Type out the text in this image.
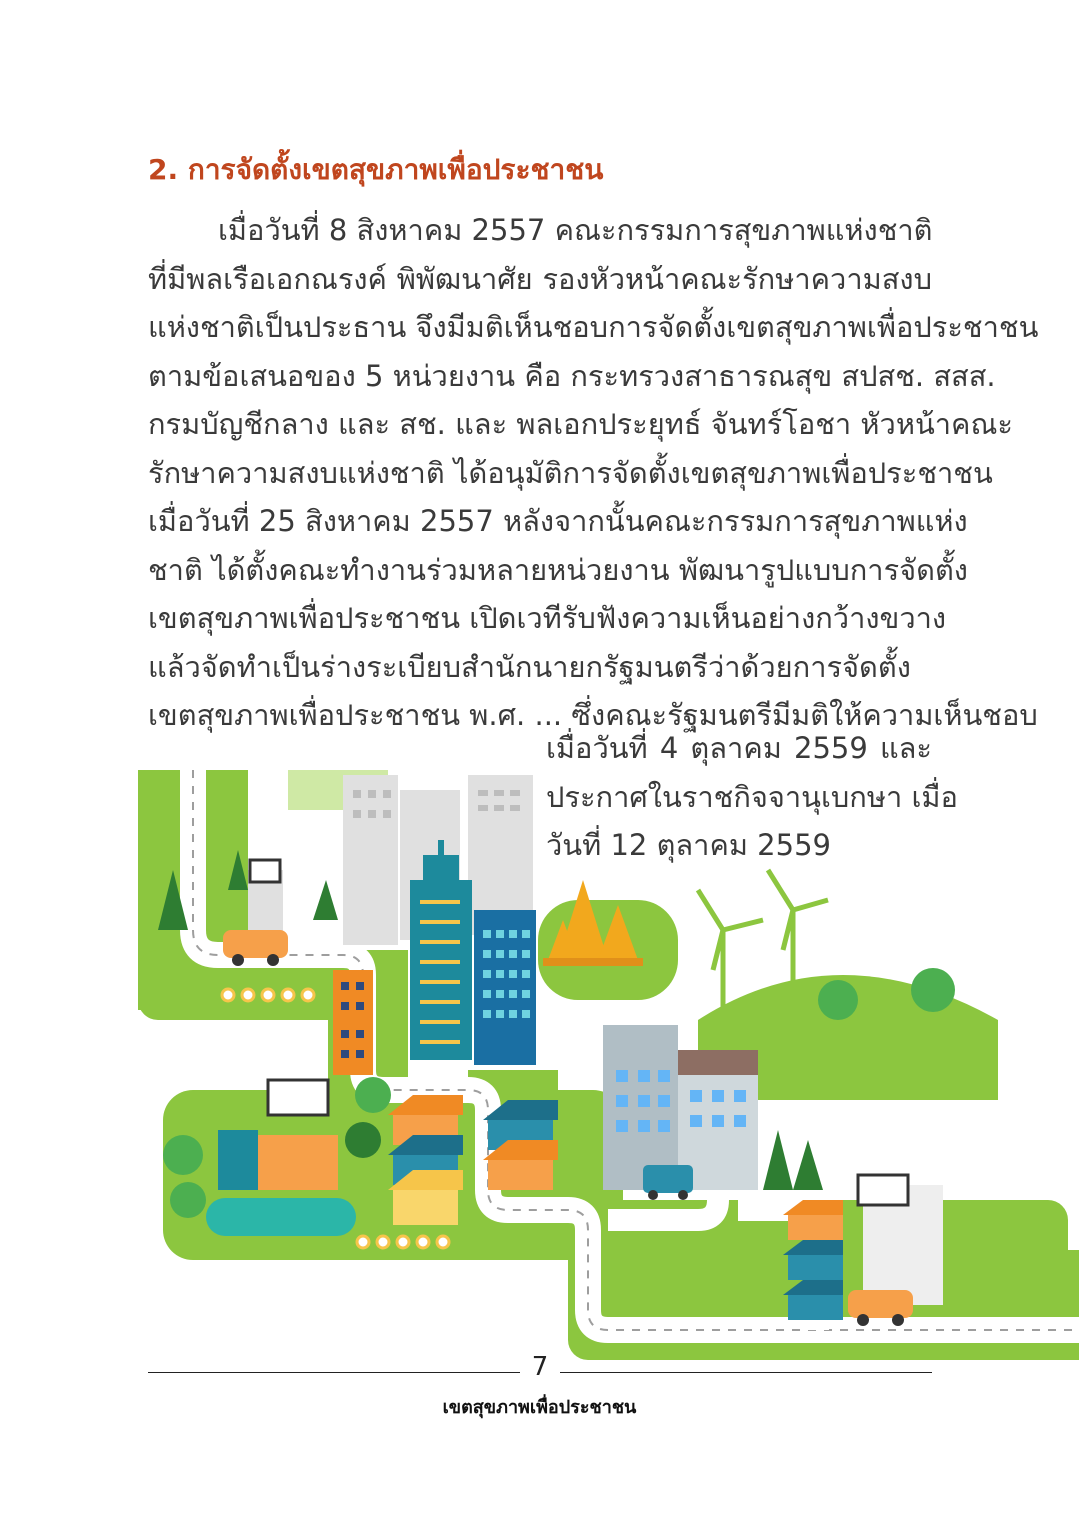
2. การจัดตั้งเขตสุขภาพเพื่อประชาชน
เมื่อวันที่ 8 สิงหาคม 2557 คณะกรรมการสุขภาพแห่งชาติ
ที่มีพลเรือเอกณรงค์ พิพัฒนาศัย รองหัวหน้าคณะรักษาความสงบ
แห่งชาติเป็นประธาน จึงมีมติเห็นชอบการจัดตั้งเขตสุขภาพเพื่อประชาชน
ตามข้อเสนอของ 5 หน่วยงาน คือ กระทรวงสาธารณสุข สปสช. สสส.
กรมบัญชีกลาง และ สช. และ พลเอกประยุทธ์ จันทร์โอชา หัวหน้าคณะ
รักษาความสงบแห่งชาติ ได้อนุมัติการจัดตั้งเขตสุขภาพเพื่อประชาชน
เมื่อวันที่ 25 สิงหาคม 2557 หลังจากนั้นคณะกรรมการสุขภาพแห่ง
ชาติ ได้ตั้งคณะทำงานร่วมหลายหน่วยงาน พัฒนารูปแบบการจัดตั้ง
เขตสุขภาพเพื่อประชาชน เปิดเวทีรับฟังความเห็นอย่างกว้างขวาง
แล้วจัดทำเป็นร่างระเบียบสำนักนายกรัฐมนตรีว่าด้วยการจัดตั้ง
เขตสุขภาพเพื่อประชาชน พ.ศ. ... ซึ่งคณะรัฐมนตรีมีมติให้ความเห็นชอบ
เมื่อวันที่ 4 ตุลาคม 2559 และ
ประกาศในราชกิจจานุเบกษา เมื่อ
วันที่ 12 ตุลาคม 2559
7
เขตสุขภาพเพื่อประชาชน
